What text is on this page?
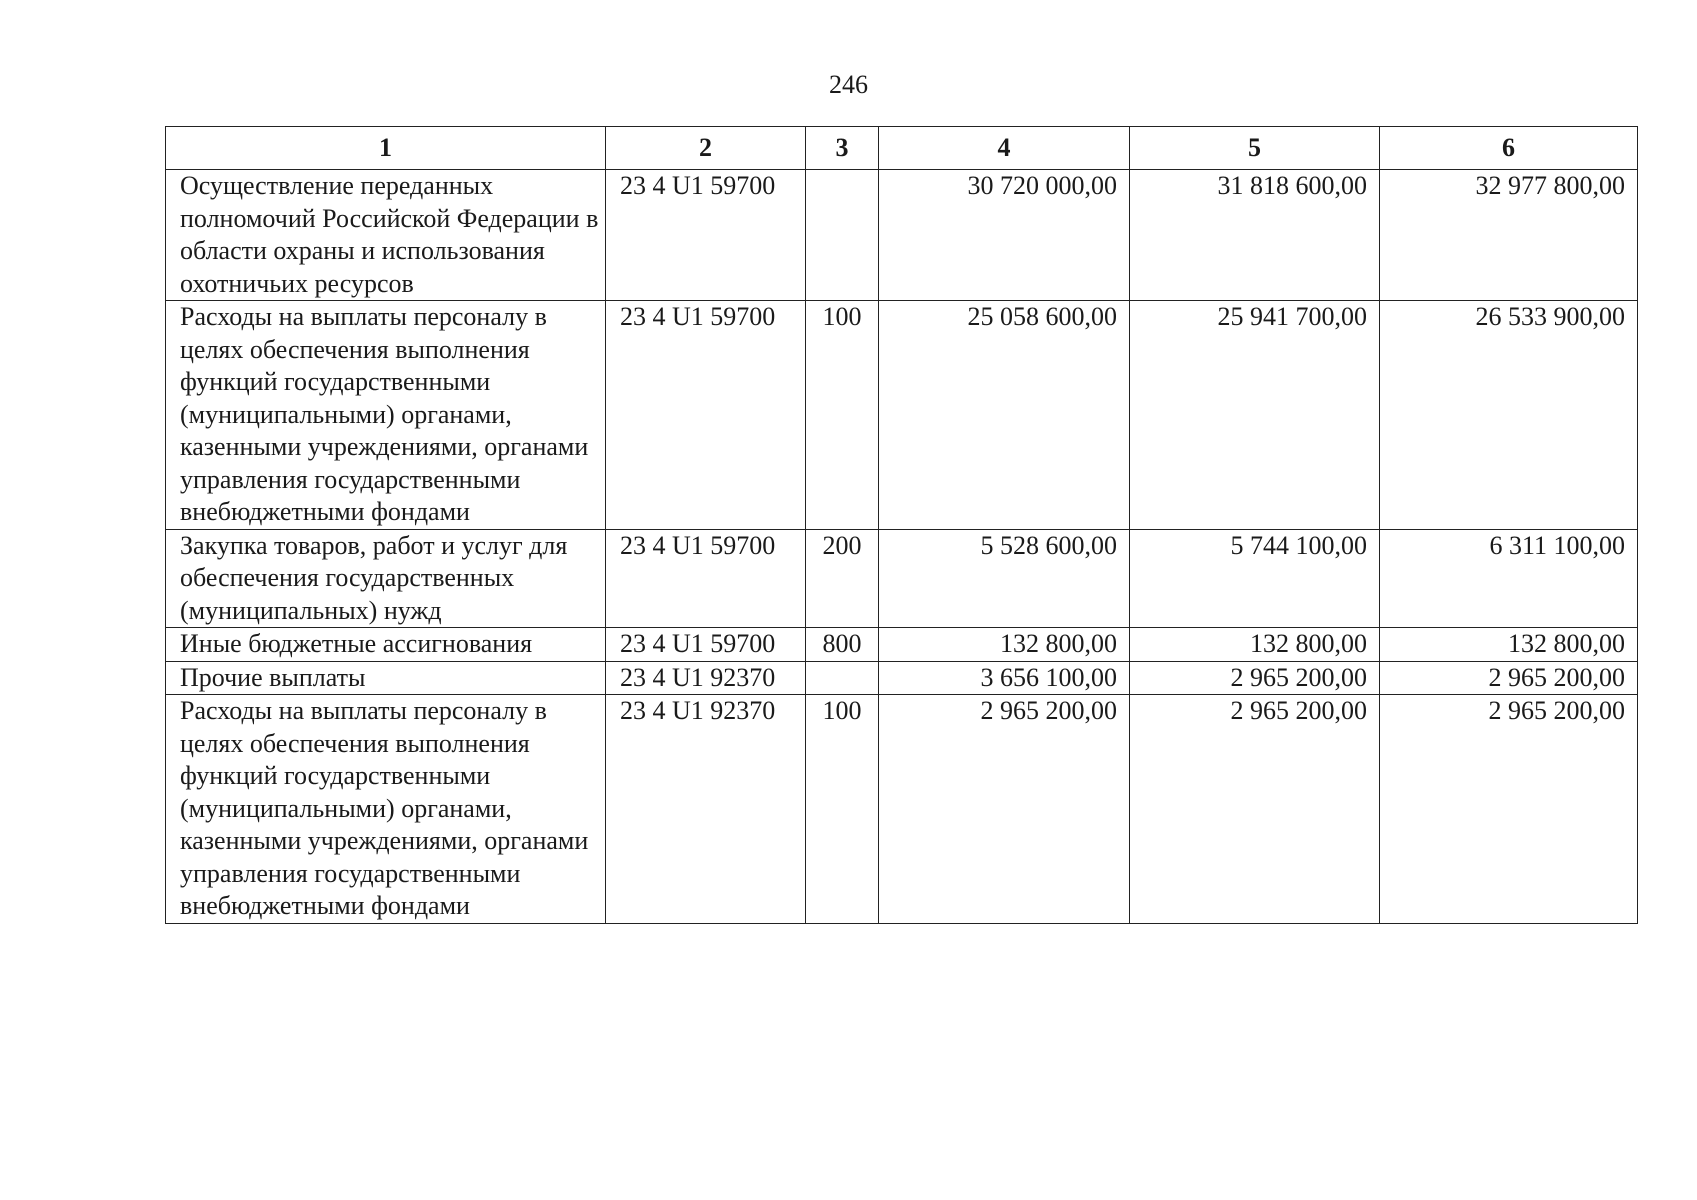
246
1	2	3	4	5	6
Осуществление переданных полномочий Российской Федерации в области охраны и использования охотничьих ресурсов	23 4 U1 59700		30 720 000,00	31 818 600,00	32 977 800,00
Расходы на выплаты персоналу в целях обеспечения выполнения функций государственными (муниципальными) органами, казенными учреждениями, органами управления государственными внебюджетными фондами	23 4 U1 59700	100	25 058 600,00	25 941 700,00	26 533 900,00
Закупка товаров, работ и услуг для обеспечения государственных (муниципальных) нужд	23 4 U1 59700	200	5 528 600,00	5 744 100,00	6 311 100,00
Иные бюджетные ассигнования	23 4 U1 59700	800	132 800,00	132 800,00	132 800,00
Прочие выплаты	23 4 U1 92370		3 656 100,00	2 965 200,00	2 965 200,00
Расходы на выплаты персоналу в целях обеспечения выполнения функций государственными (муниципальными) органами, казенными учреждениями, органами управления государственными внебюджетными фондами	23 4 U1 92370	100	2 965 200,00	2 965 200,00	2 965 200,00
